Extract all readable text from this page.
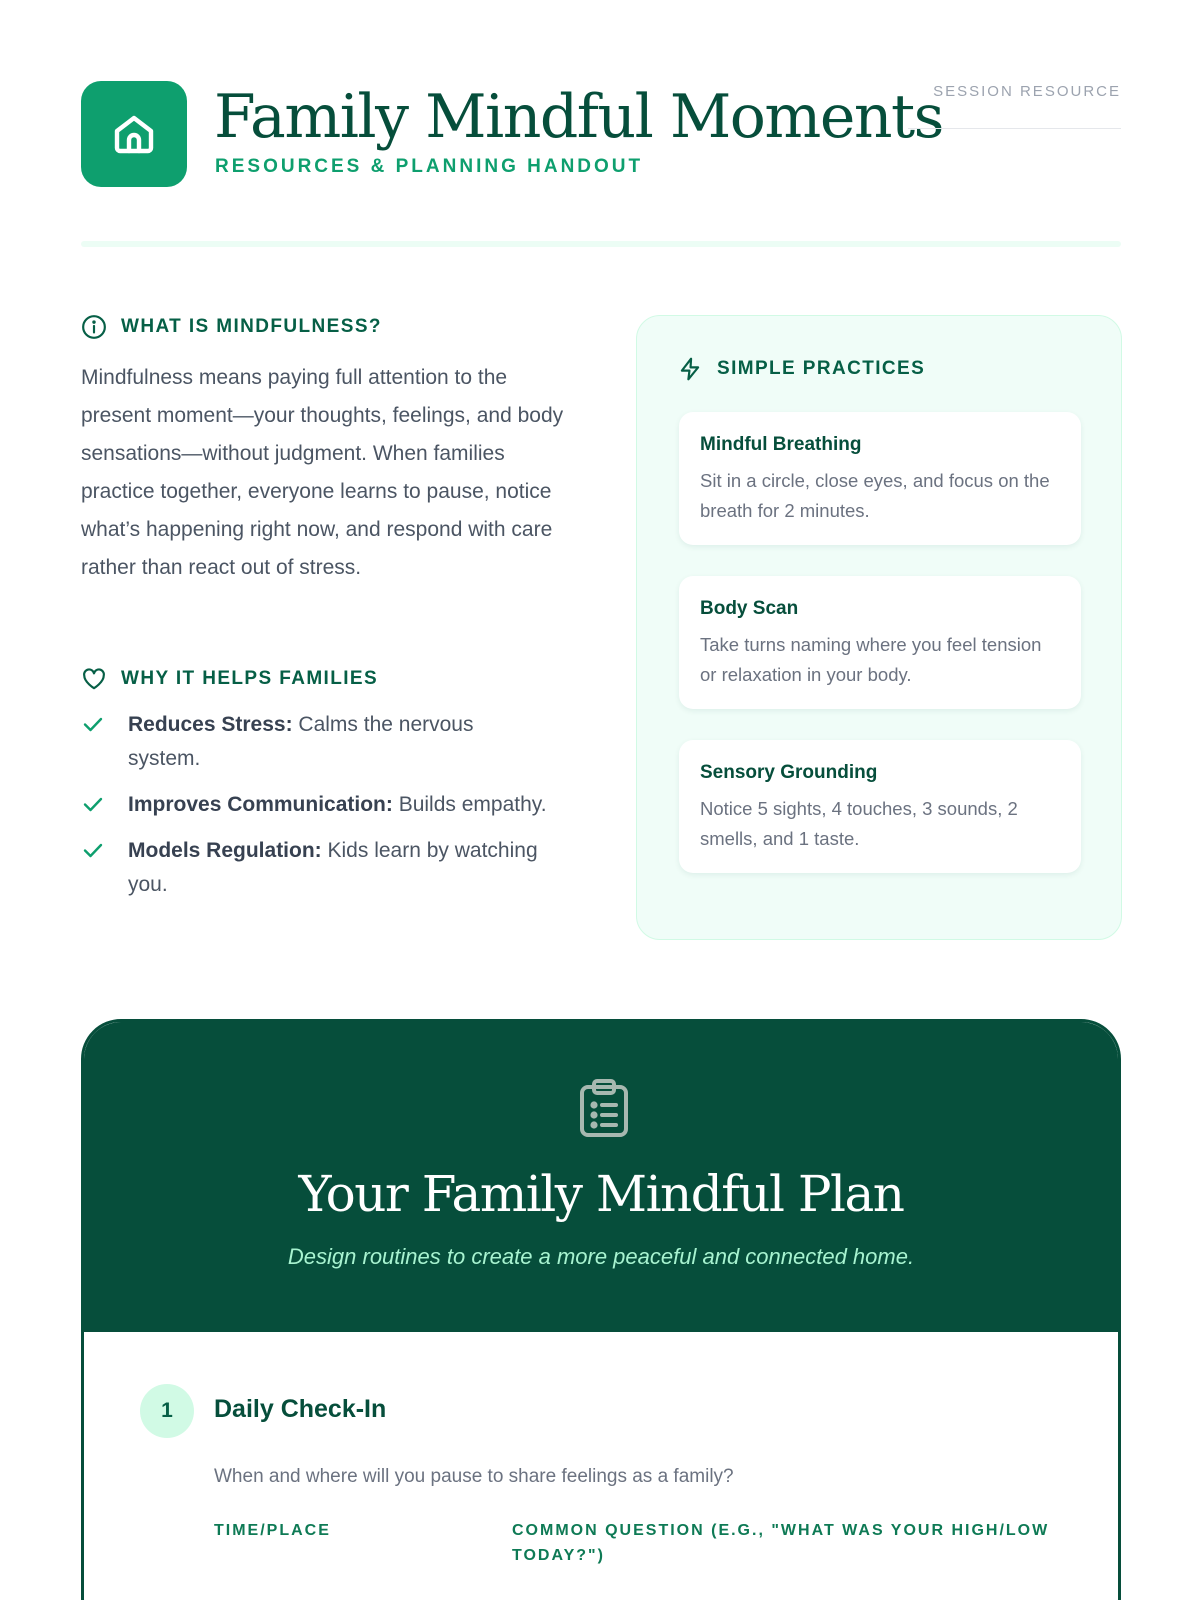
Family Mindful Moments
RESOURCES & PLANNING HANDOUT
SESSION RESOURCE
WHAT IS MINDFULNESS?

Mindfulness means paying full attention to the present moment—your thoughts, feelings, and body sensations—without judgment. When families practice together, everyone learns to pause, notice what’s happening right now, and respond with care rather than react out of stress.

WHY IT HELPS FAMILIES
Reduces Stress: Calms the nervous system.
Improves Communication: Builds empathy.
Models Regulation: Kids learn by watching you.
SIMPLE PRACTICES
Mindful Breathing
Sit in a circle, close eyes, and focus on the breath for 2 minutes.
Body Scan
Take turns naming where you feel tension or relaxation in your body.
Sensory Grounding
Notice 5 sights, 4 touches, 3 sounds, 2 smells, and 1 taste.
Your Family Mindful Plan
Design routines to create a more peaceful and connected home.
1	Daily Check-In
When and where will you pause to share feelings as a family?
TIME/PLACE	COMMON QUESTION (E.G., "WHAT WAS YOUR HIGH/LOW TODAY?")
